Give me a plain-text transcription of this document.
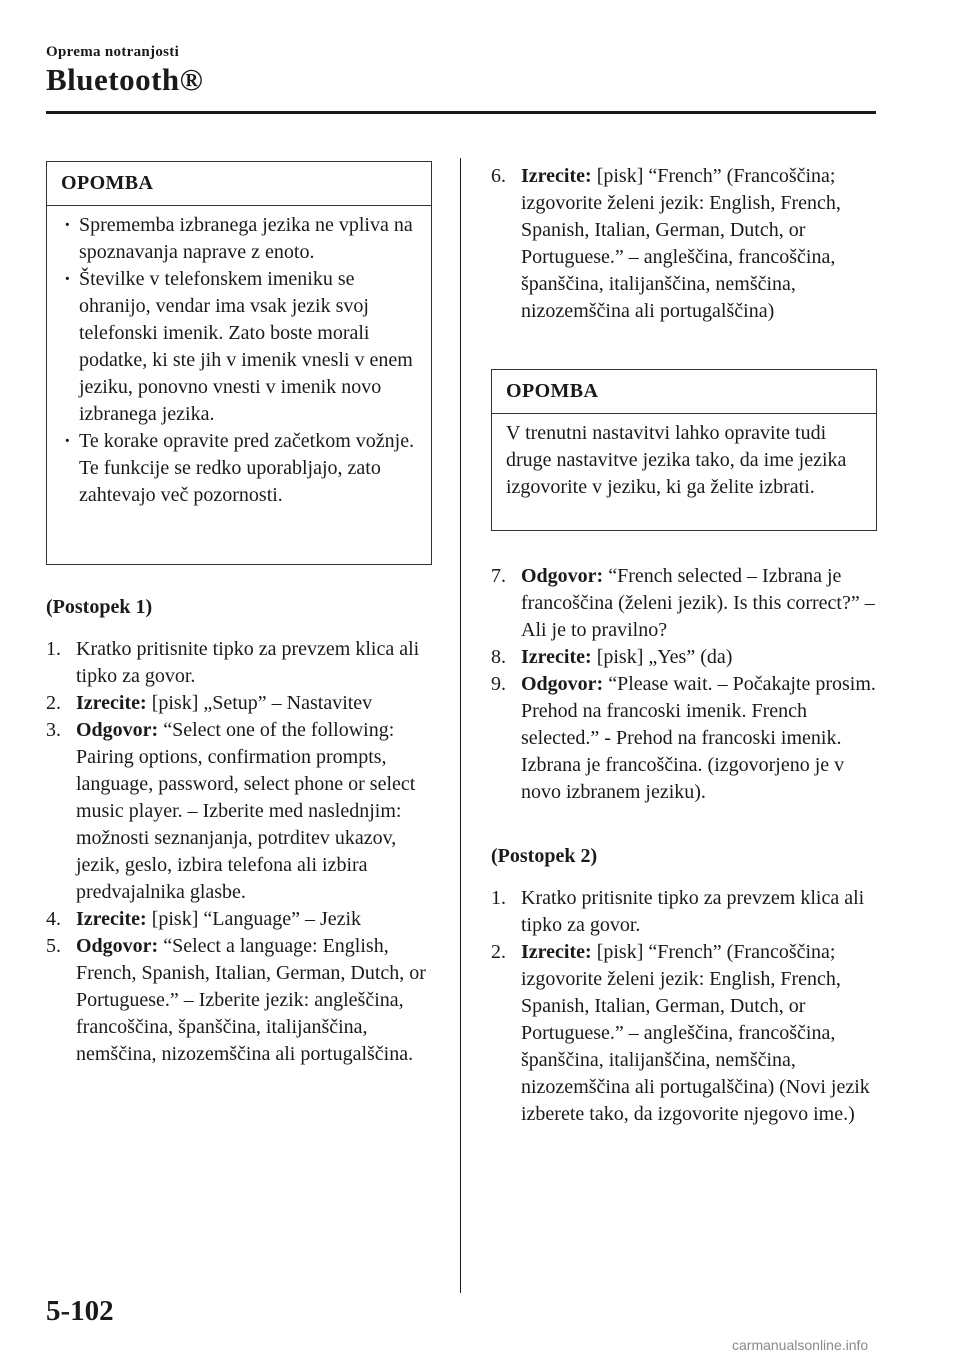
Oprema notranjosti
Bluetooth®
OPOMBA
· Sprememba izbranega jezika ne vpliva na spoznavanja naprave z enoto.
· Številke v telefonskem imeniku se ohranijo, vendar ima vsak jezik svoj telefonski imenik. Zato boste morali podatke, ki ste jih v imenik vnesli v enem jeziku, ponovno vnesti v imenik novo izbranega jezika.
· Te korake opravite pred začetkom vožnje. Te funkcije se redko uporabljajo, zato zahtevajo več pozornosti.
(Postopek 1)
1. Kratko pritisnite tipko za prevzem klica ali tipko za govor.
2. Izrecite: [pisk] „Setup” – Nastavitev
3. Odgovor: “Select one of the following: Pairing options, confirmation prompts, language, password, select phone or select music player. – Izberite med naslednjim: možnosti seznanjanja, potrditev ukazov, jezik, geslo, izbira telefona ali izbira predvajalnika glasbe.
4. Izrecite: [pisk] “Language” – Jezik
5. Odgovor: “Select a language: English, French, Spanish, Italian, German, Dutch, or Portuguese.” – Izberite jezik: angleščina, francoščina, španščina, italijanščina, nemščina, nizozemščina ali portugalščina.
6. Izrecite: [pisk] “French” (Francoščina; izgovorite želeni jezik: English, French, Spanish, Italian, German, Dutch, or Portuguese.” – angleščina, francoščina, španščina, italijanščina, nemščina, nizozemščina ali portugalščina)
OPOMBA
V trenutni nastavitvi lahko opravite tudi druge nastavitve jezika tako, da ime jezika izgovorite v jeziku, ki ga želite izbrati.
7. Odgovor: “French selected – Izbrana je francoščina (želeni jezik). Is this correct?” – Ali je to pravilno?
8. Izrecite: [pisk] „Yes” (da)
9. Odgovor: “Please wait. – Počakajte prosim. Prehod na francoski imenik. French selected.” - Prehod na francoski imenik. Izbrana je francoščina. (izgovorjeno je v novo izbranem jeziku).
(Postopek 2)
1. Kratko pritisnite tipko za prevzem klica ali tipko za govor.
2. Izrecite: [pisk] “French” (Francoščina; izgovorite želeni jezik: English, French, Spanish, Italian, German, Dutch, or Portuguese.” – angleščina, francoščina, španščina, italijanščina, nemščina, nizozemščina ali portugalščina) (Novi jezik izberete tako, da izgovorite njegovo ime.)
5-102
carmanualsonline.info
